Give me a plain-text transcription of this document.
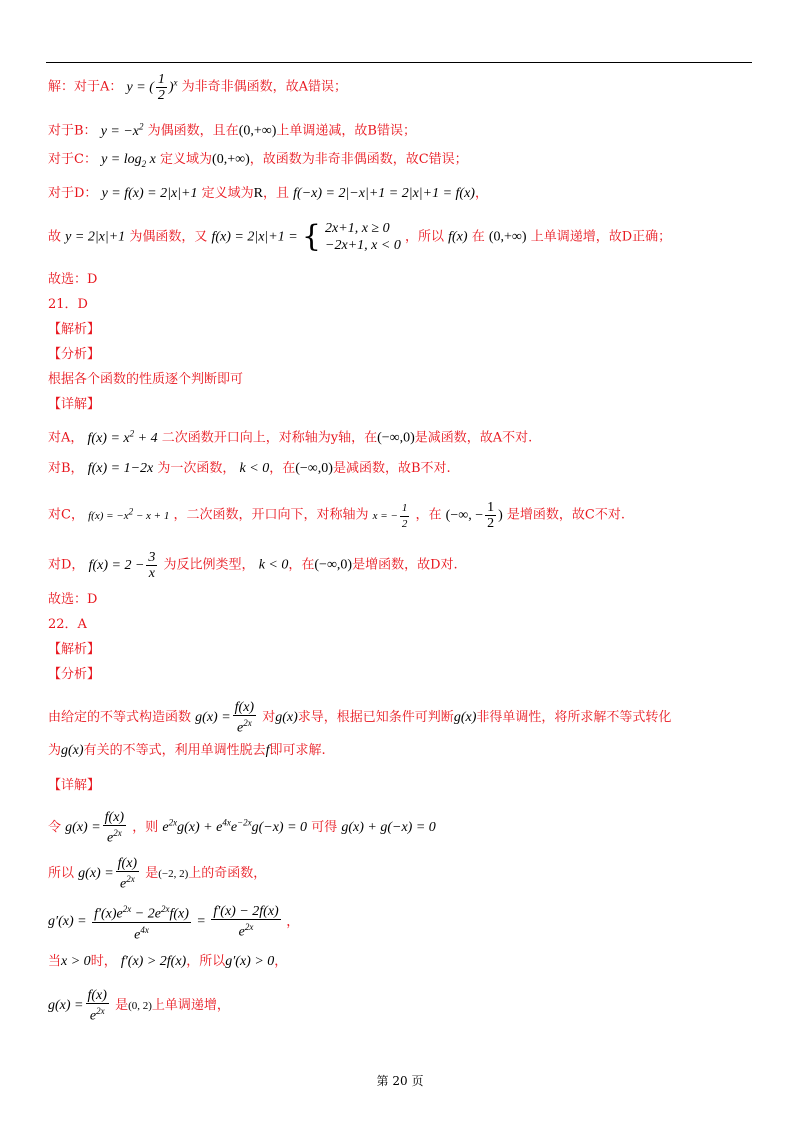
解：对于A： y = ( $\frac{1}{2} )^x$ 为非奇非偶函数，故A错误；
对于B： $y = -x^2$ 为偶函数，且在(0,+∞)上单调递减，故B错误；
对于C： $y = \log_2 x$ 定义域为(0,+∞)，故函数为非奇非偶函数，故C错误；
对于D： y = f(x) = 2|x|+1 定义域为R，且 f(−x) = 2|−x|+1 = 2|x|+1 = f(x)，
故 y = 2|x|+1 为偶函数，又 f(x) = 2|x|+1 = { 2x+1, x ≥ 0
−2x+1, x < 0
，所以 f(x) 在 (0,+∞) 上单调递增，故D正确；
故选：D
21．D
【解析】
【分析】
根据各个函数的性质逐个判断即可
【详解】
对A， $f(x) = x^2 + 4$ 二次函数开口向上，对称轴为y轴，在(−∞,0)是减函数，故A不对.
对B， f(x) = 1−2x 为一次函数， k < 0，在(−∞,0)是减函数，故B不对.
对C， $f(x) = -x^2 - x + 1$ ，二次函数，开口向下，对称轴为 x = − $\frac{1}{2}$ ，在 (−∞, − $\frac{1}{2}$ ) 是增函数，故C不对.
对D， $f(x) = 2 - \frac{3}{x}$ 为反比例类型， k < 0，在(−∞,0)是增函数，故D对.
故选：D
22．A
【解析】
【分析】
由给定的不等式构造函数 $g(x) = \frac{f(x)}{e^{2x}}$ 对g(x)求导，根据已知条件可判断g(x)非得单调性，将所求解不等式转化
为g(x)有关的不等式，利用单调性脱去f即可求解.
【详解】
令 $g(x) = \frac{f(x)}{e^{2x}}$ ，则 $e^{2x}g(x) + e^{4x}e^{-2x}g(-x) = 0$ 可得 g(x) + g(−x) = 0
所以 $g(x) = \frac{f(x)}{e^{2x}}$ 是(−2, 2)上的奇函数，
$g'(x) = \frac{f'(x)e^{2x} - 2e^{2x}f(x)}{e^{4x}} = \frac{f'(x) - 2f(x)}{e^{2x}}$ ，
当x > 0时， f′(x) > 2f(x)，所以g′(x) > 0，
$g(x) = \frac{f(x)}{e^{2x}}$ 是(0, 2)上单调递增，
第 20 页
